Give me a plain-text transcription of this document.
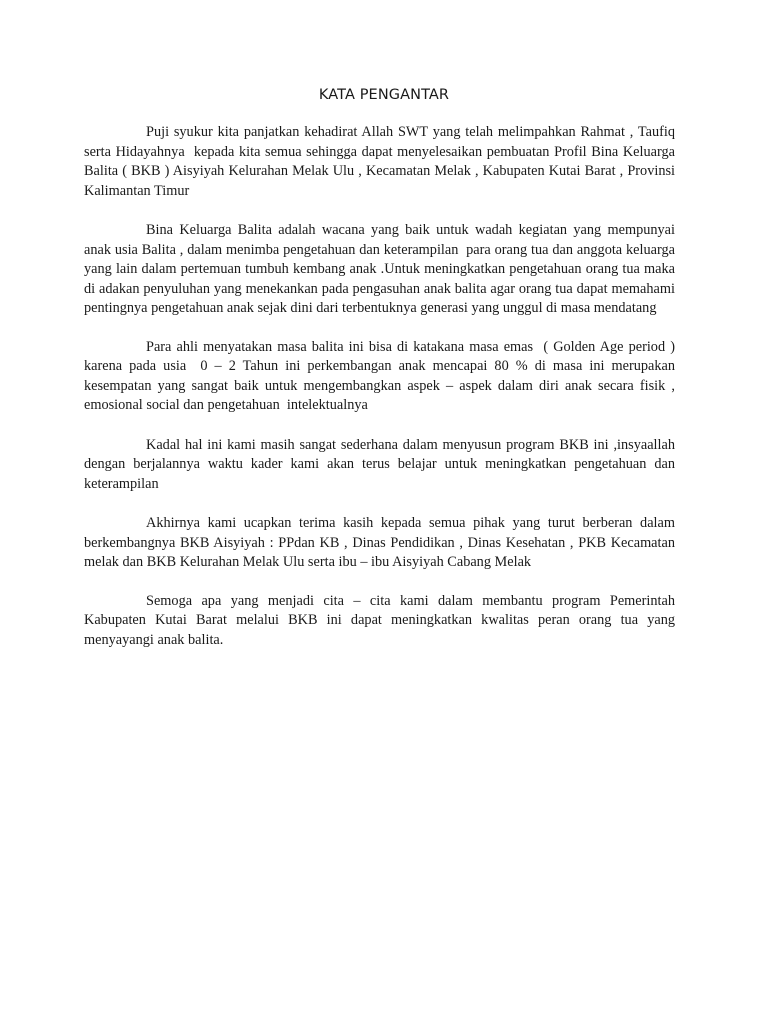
KATA PENGANTAR

Puji syukur kita panjatkan kehadirat Allah SWT yang telah melimpahkan Rahmat , Taufiq serta Hidayahnya  kepada kita semua sehingga dapat menyelesaikan pembuatan Profil Bina Keluarga Balita ( BKB ) Aisyiyah Kelurahan Melak Ulu , Kecamatan Melak , Kabupaten Kutai Barat , Provinsi Kalimantan Timur

Bina Keluarga Balita adalah wacana yang baik untuk wadah kegiatan yang mempunyai anak usia Balita , dalam menimba pengetahuan dan keterampilan  para orang tua dan anggota keluarga yang lain dalam pertemuan tumbuh kembang anak .Untuk meningkatkan pengetahuan orang tua maka di adakan penyuluhan yang menekankan pada pengasuhan anak balita agar orang tua dapat memahami pentingnya pengetahuan anak sejak dini dari terbentuknya generasi yang unggul di masa mendatang

Para ahli menyatakan masa balita ini bisa di katakana masa emas  ( Golden Age period ) karena pada usia  0 – 2 Tahun ini perkembangan anak mencapai 80 % di masa ini merupakan kesempatan yang sangat baik untuk mengembangkan aspek – aspek dalam diri anak secara fisik , emosional social dan pengetahuan  intelektualnya

Kadal hal ini kami masih sangat sederhana dalam menyusun program BKB ini ,insyaallah dengan berjalannya waktu kader kami akan terus belajar untuk meningkatkan pengetahuan dan keterampilan

Akhirnya kami ucapkan terima kasih kepada semua pihak yang turut berberan dalam berkembangnya BKB Aisyiyah : PPdan KB , Dinas Pendidikan , Dinas Kesehatan , PKB Kecamatan melak dan BKB Kelurahan Melak Ulu serta ibu – ibu Aisyiyah Cabang Melak

Semoga apa yang menjadi cita – cita kami dalam membantu program Pemerintah Kabupaten Kutai Barat melalui BKB ini dapat meningkatkan kwalitas peran orang tua yang menyayangi anak balita.
